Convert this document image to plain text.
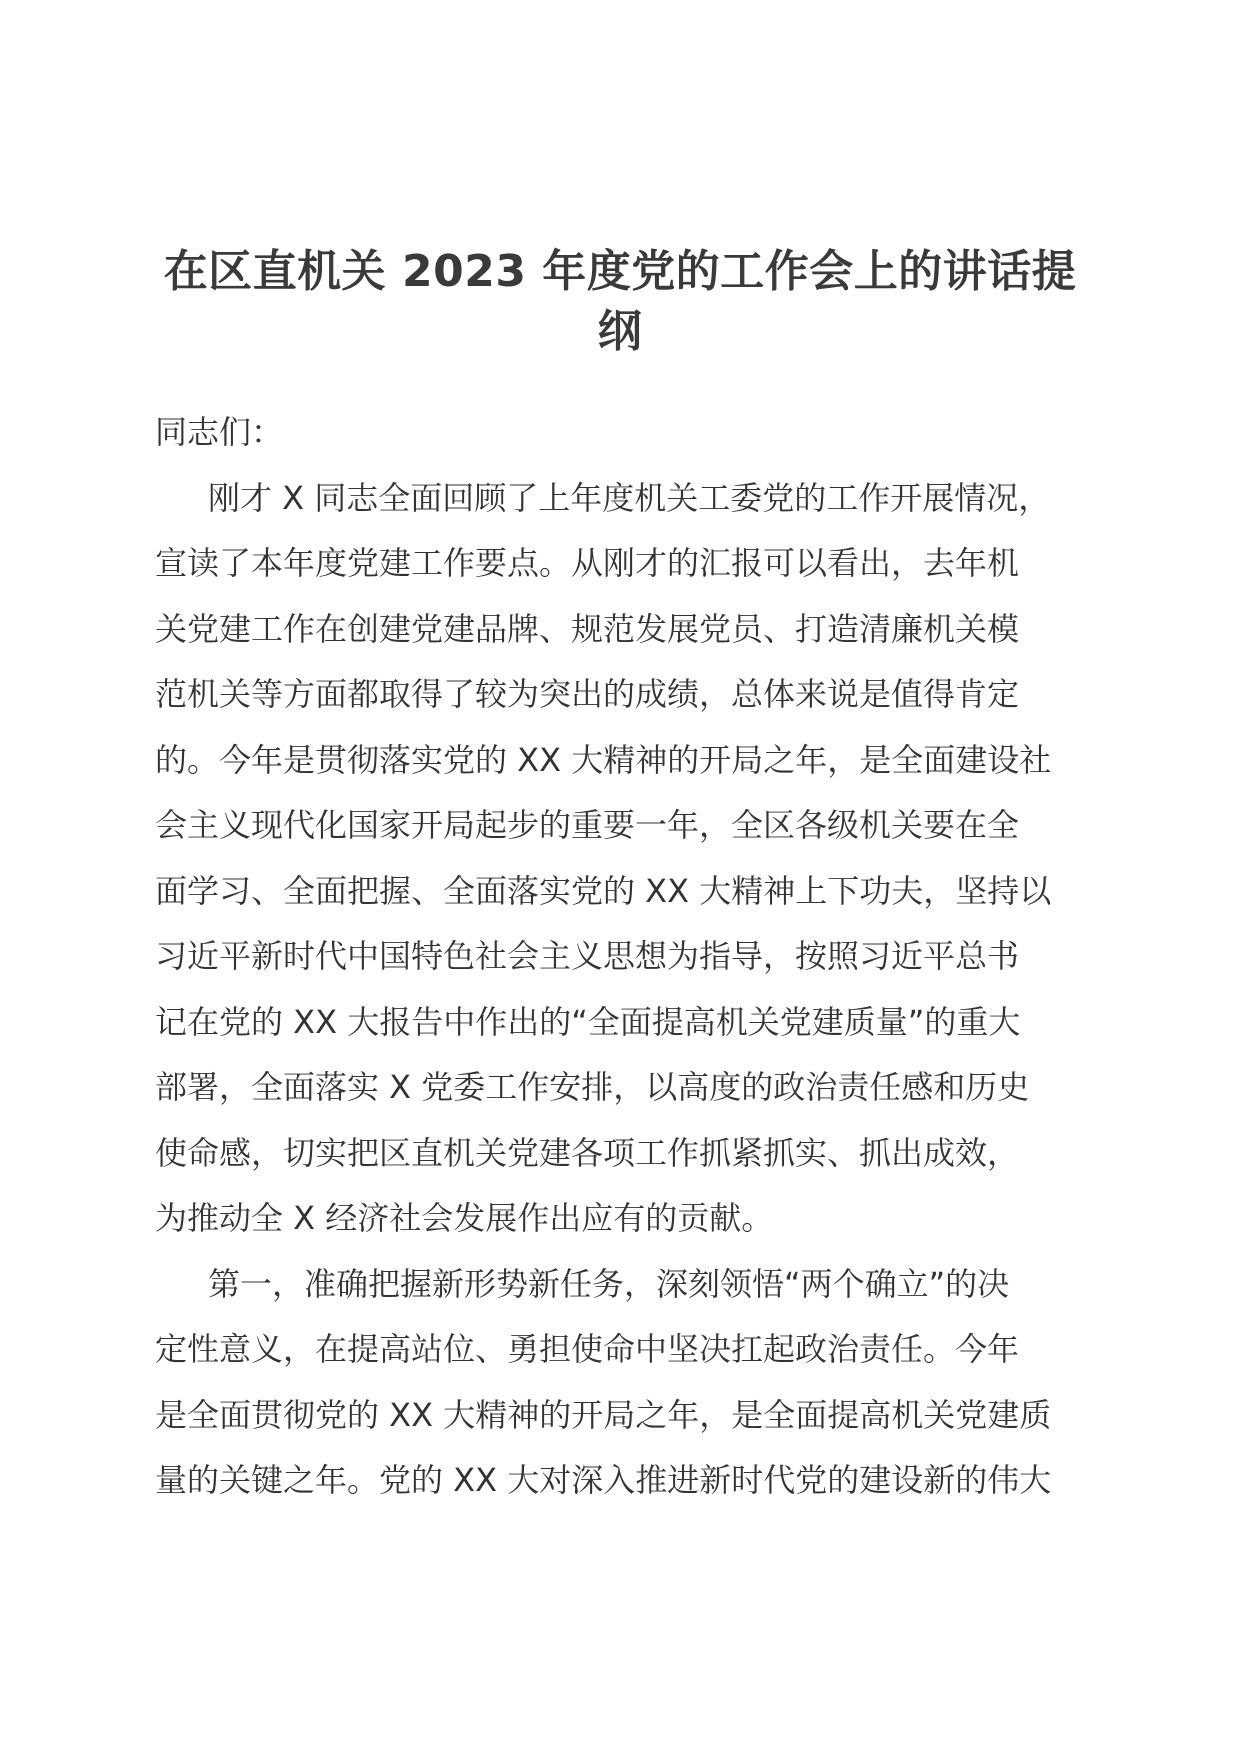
在区直机关 2023 年度党的工作会上的讲话提
纲

同志们：

刚才 X 同志全面回顾了上年度机关工委党的工作开展情况，
宣读了本年度党建工作要点。从刚才的汇报可以看出，去年机
关党建工作在创建党建品牌、规范发展党员、打造清廉机关模
范机关等方面都取得了较为突出的成绩，总体来说是值得肯定
的。今年是贯彻落实党的 XX 大精神的开局之年，是全面建设社
会主义现代化国家开局起步的重要一年，全区各级机关要在全
面学习、全面把握、全面落实党的 XX 大精神上下功夫，坚持以
习近平新时代中国特色社会主义思想为指导，按照习近平总书
记在党的 XX 大报告中作出的“全面提高机关党建质量”的重大
部署，全面落实 X 党委工作安排，以高度的政治责任感和历史
使命感，切实把区直机关党建各项工作抓紧抓实、抓出成效，
为推动全 X 经济社会发展作出应有的贡献。

第一，准确把握新形势新任务，深刻领悟“两个确立”的决
定性意义，在提高站位、勇担使命中坚决扛起政治责任。今年
是全面贯彻党的 XX 大精神的开局之年，是全面提高机关党建质
量的关键之年。党的 XX 大对深入推进新时代党的建设新的伟大
